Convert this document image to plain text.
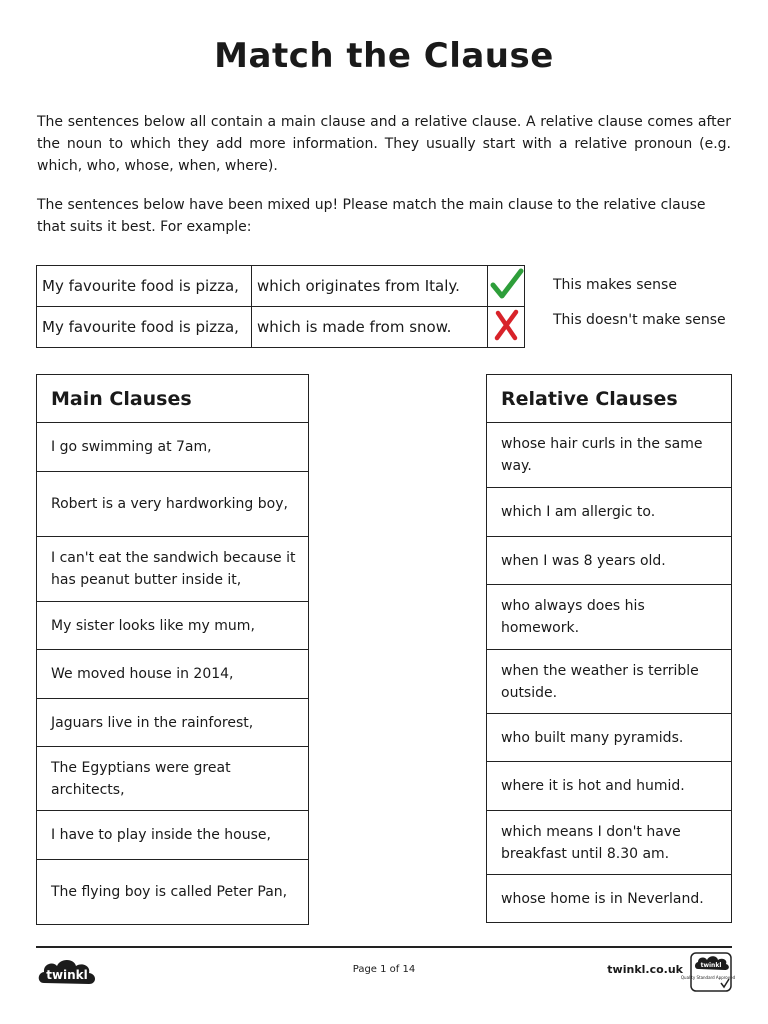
Match the Clause
The sentences below all contain a main clause and a relative clause. A relative clause comes after the noun to which they add more information. They usually start with a relative pronoun (e.g. which, who, whose, when, where).
The sentences below have been mixed up! Please match the main clause to the relative clause that suits it best. For example:
My favourite food is pizza,	which originates from Italy.	
My favourite food is pizza,	which is made from snow.	
This makes sense
This doesn't make sense
Main Clauses
I go swimming at 7am,
Robert is a very hardworking boy,
I can't eat the sandwich because it has peanut butter inside it,
My sister looks like my mum,
We moved house in 2014,
Jaguars live in the rainforest,
The Egyptians were great architects,
I have to play inside the house,
The flying boy is called Peter Pan,
Relative Clauses
whose hair curls in the same way.
which I am allergic to.
when I was 8 years old.
who always does his homework.
when the weather is terrible outside.
who built many pyramids.
where it is hot and humid.
which means I don't have breakfast until 8.30 am.
whose home is in Neverland.
twinkl	Page 1 of 14	twinkl.co.uk	twinkl
Quality Standard Approved
